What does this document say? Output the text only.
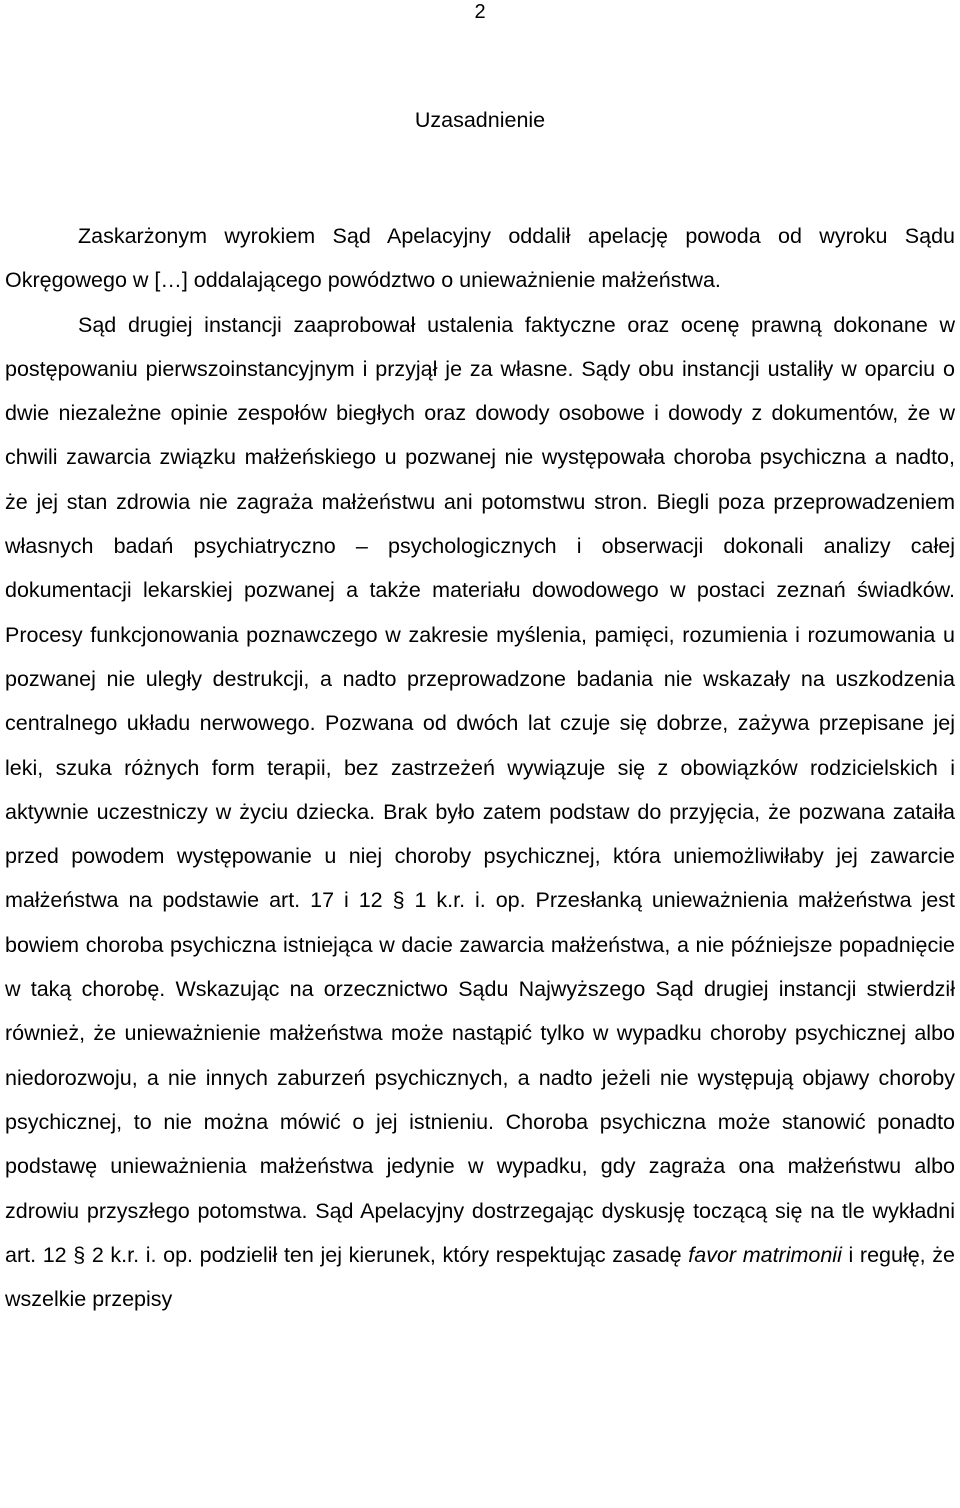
2
Uzasadnienie

Zaskarżonym wyrokiem Sąd Apelacyjny oddalił apelację powoda od wyroku Sądu Okręgowego w […] oddalającego powództwo o unieważnienie małżeństwa.

Sąd drugiej instancji zaaprobował ustalenia faktyczne oraz ocenę prawną dokonane w postępowaniu pierwszoinstancyjnym i przyjął je za własne. Sądy obu instancji ustaliły w oparciu o dwie niezależne opinie zespołów biegłych oraz dowody osobowe i dowody z dokumentów, że w chwili zawarcia związku małżeńskiego u pozwanej nie występowała choroba psychiczna a nadto, że jej stan zdrowia nie zagraża małżeństwu ani potomstwu stron. Biegli poza przeprowadzeniem własnych badań psychiatryczno – psychologicznych i obserwacji dokonali analizy całej dokumentacji lekarskiej pozwanej a także materiału dowodowego w postaci zeznań świadków. Procesy funkcjonowania poznawczego w zakresie myślenia, pamięci, rozumienia i rozumowania u pozwanej nie uległy destrukcji, a nadto przeprowadzone badania nie wskazały na uszkodzenia centralnego układu nerwowego. Pozwana od dwóch lat czuje się dobrze, zażywa przepisane jej leki, szuka różnych form terapii, bez zastrzeżeń wywiązuje się z obowiązków rodzicielskich i aktywnie uczestniczy w życiu dziecka. Brak było zatem podstaw do przyjęcia, że pozwana zataiła przed powodem występowanie u niej choroby psychicznej, która uniemożliwiłaby jej zawarcie małżeństwa na podstawie art. 17 i 12 § 1 k.r. i. op. Przesłanką unieważnienia małżeństwa jest bowiem choroba psychiczna istniejąca w dacie zawarcia małżeństwa, a nie późniejsze popadnięcie w taką chorobę. Wskazując na orzecznictwo Sądu Najwyższego Sąd drugiej instancji stwierdził również, że unieważnienie małżeństwa może nastąpić tylko w wypadku choroby psychicznej albo niedorozwoju, a nie innych zaburzeń psychicznych, a nadto jeżeli nie występują objawy choroby psychicznej, to nie można mówić o jej istnieniu. Choroba psychiczna może stanowić ponadto podstawę unieważnienia małżeństwa jedynie w wypadku, gdy zagraża ona małżeństwu albo zdrowiu przyszłego potomstwa. Sąd Apelacyjny dostrzegając dyskusję toczącą się na tle wykładni art. 12 § 2 k.r. i. op. podzielił ten jej kierunek, który respektując zasadę favor matrimonii i regułę, że wszelkie przepisy
